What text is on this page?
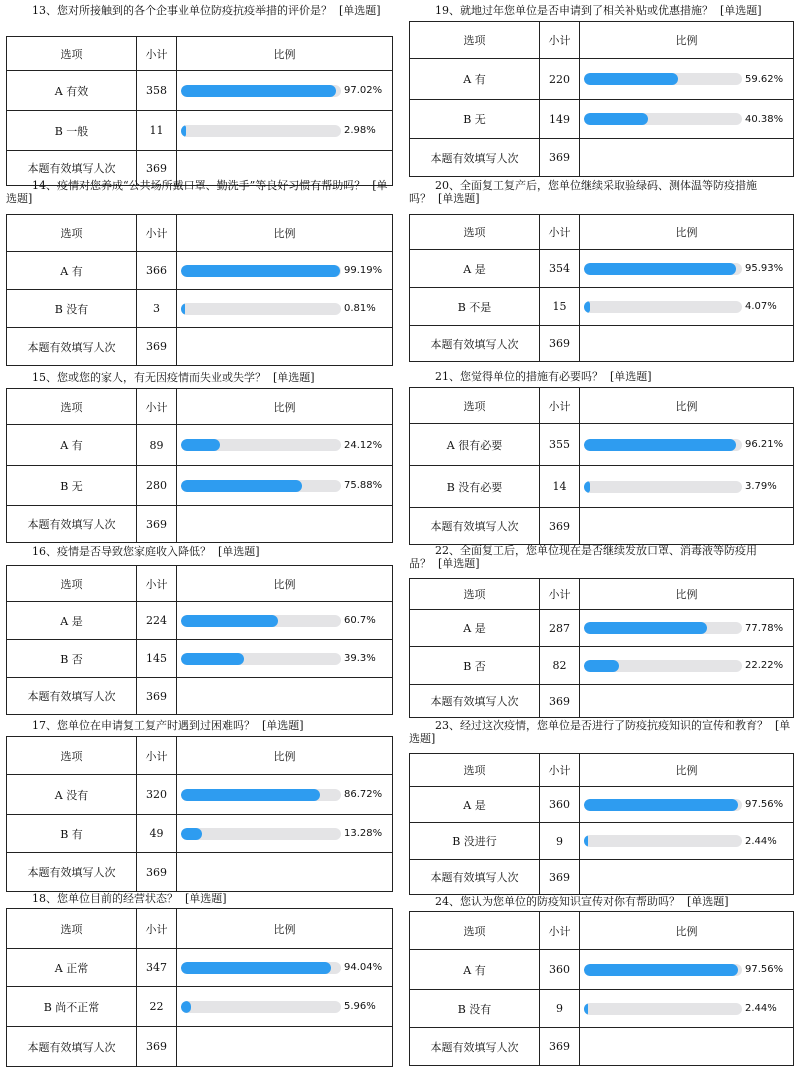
13、您对所接触到的各个企事业单位防疫抗疫举措的评价是？ [单选题]
选项	小计	比例
A 有效	358	97.02%

B 一般	11	2.98%

本题有效填写人次	369	
14、疫情对您养成“公共场所戴口罩、勤洗手”等良好习惯有帮助吗？ [单选题]
选项	小计	比例
A 有	366	99.19%

B 没有	3	0.81%

本题有效填写人次	369	
15、您或您的家人，有无因疫情而失业或失学？ [单选题]
选项	小计	比例
A 有	89	24.12%

B 无	280	75.88%

本题有效填写人次	369	
16、疫情是否导致您家庭收入降低？ [单选题]
选项	小计	比例
A 是	224	60.7%

B 否	145	39.3%

本题有效填写人次	369	
17、您单位在申请复工复产时遇到过困难吗？ [单选题]
选项	小计	比例
A 没有	320	86.72%

B 有	49	13.28%

本题有效填写人次	369	
18、您单位目前的经营状态？ [单选题]
选项	小计	比例
A 正常	347	94.04%

B 尚不正常	22	5.96%

本题有效填写人次	369	
19、就地过年您单位是否申请到了相关补贴或优惠措施？ [单选题]
选项	小计	比例
A 有	220	59.62%

B 无	149	40.38%

本题有效填写人次	369	
20、全面复工复产后，您单位继续采取验绿码、测体温等防疫措施吗？ [单选题]
选项	小计	比例
A 是	354	95.93%

B 不是	15	4.07%

本题有效填写人次	369	
21、您觉得单位的措施有必要吗？ [单选题]
选项	小计	比例
A 很有必要	355	96.21%

B 没有必要	14	3.79%

本题有效填写人次	369	
22、全面复工后，您单位现在是否继续发放口罩、消毒液等防疫用品？ [单选题]
选项	小计	比例
A 是	287	77.78%

B 否	82	22.22%

本题有效填写人次	369	
23、经过这次疫情，您单位是否进行了防疫抗疫知识的宣传和教育？ [单选题]
选项	小计	比例
A 是	360	97.56%

B 没进行	9	2.44%

本题有效填写人次	369	
24、您认为您单位的防疫知识宣传对你有帮助吗？ [单选题]
选项	小计	比例
A 有	360	97.56%

B 没有	9	2.44%

本题有效填写人次	369	
